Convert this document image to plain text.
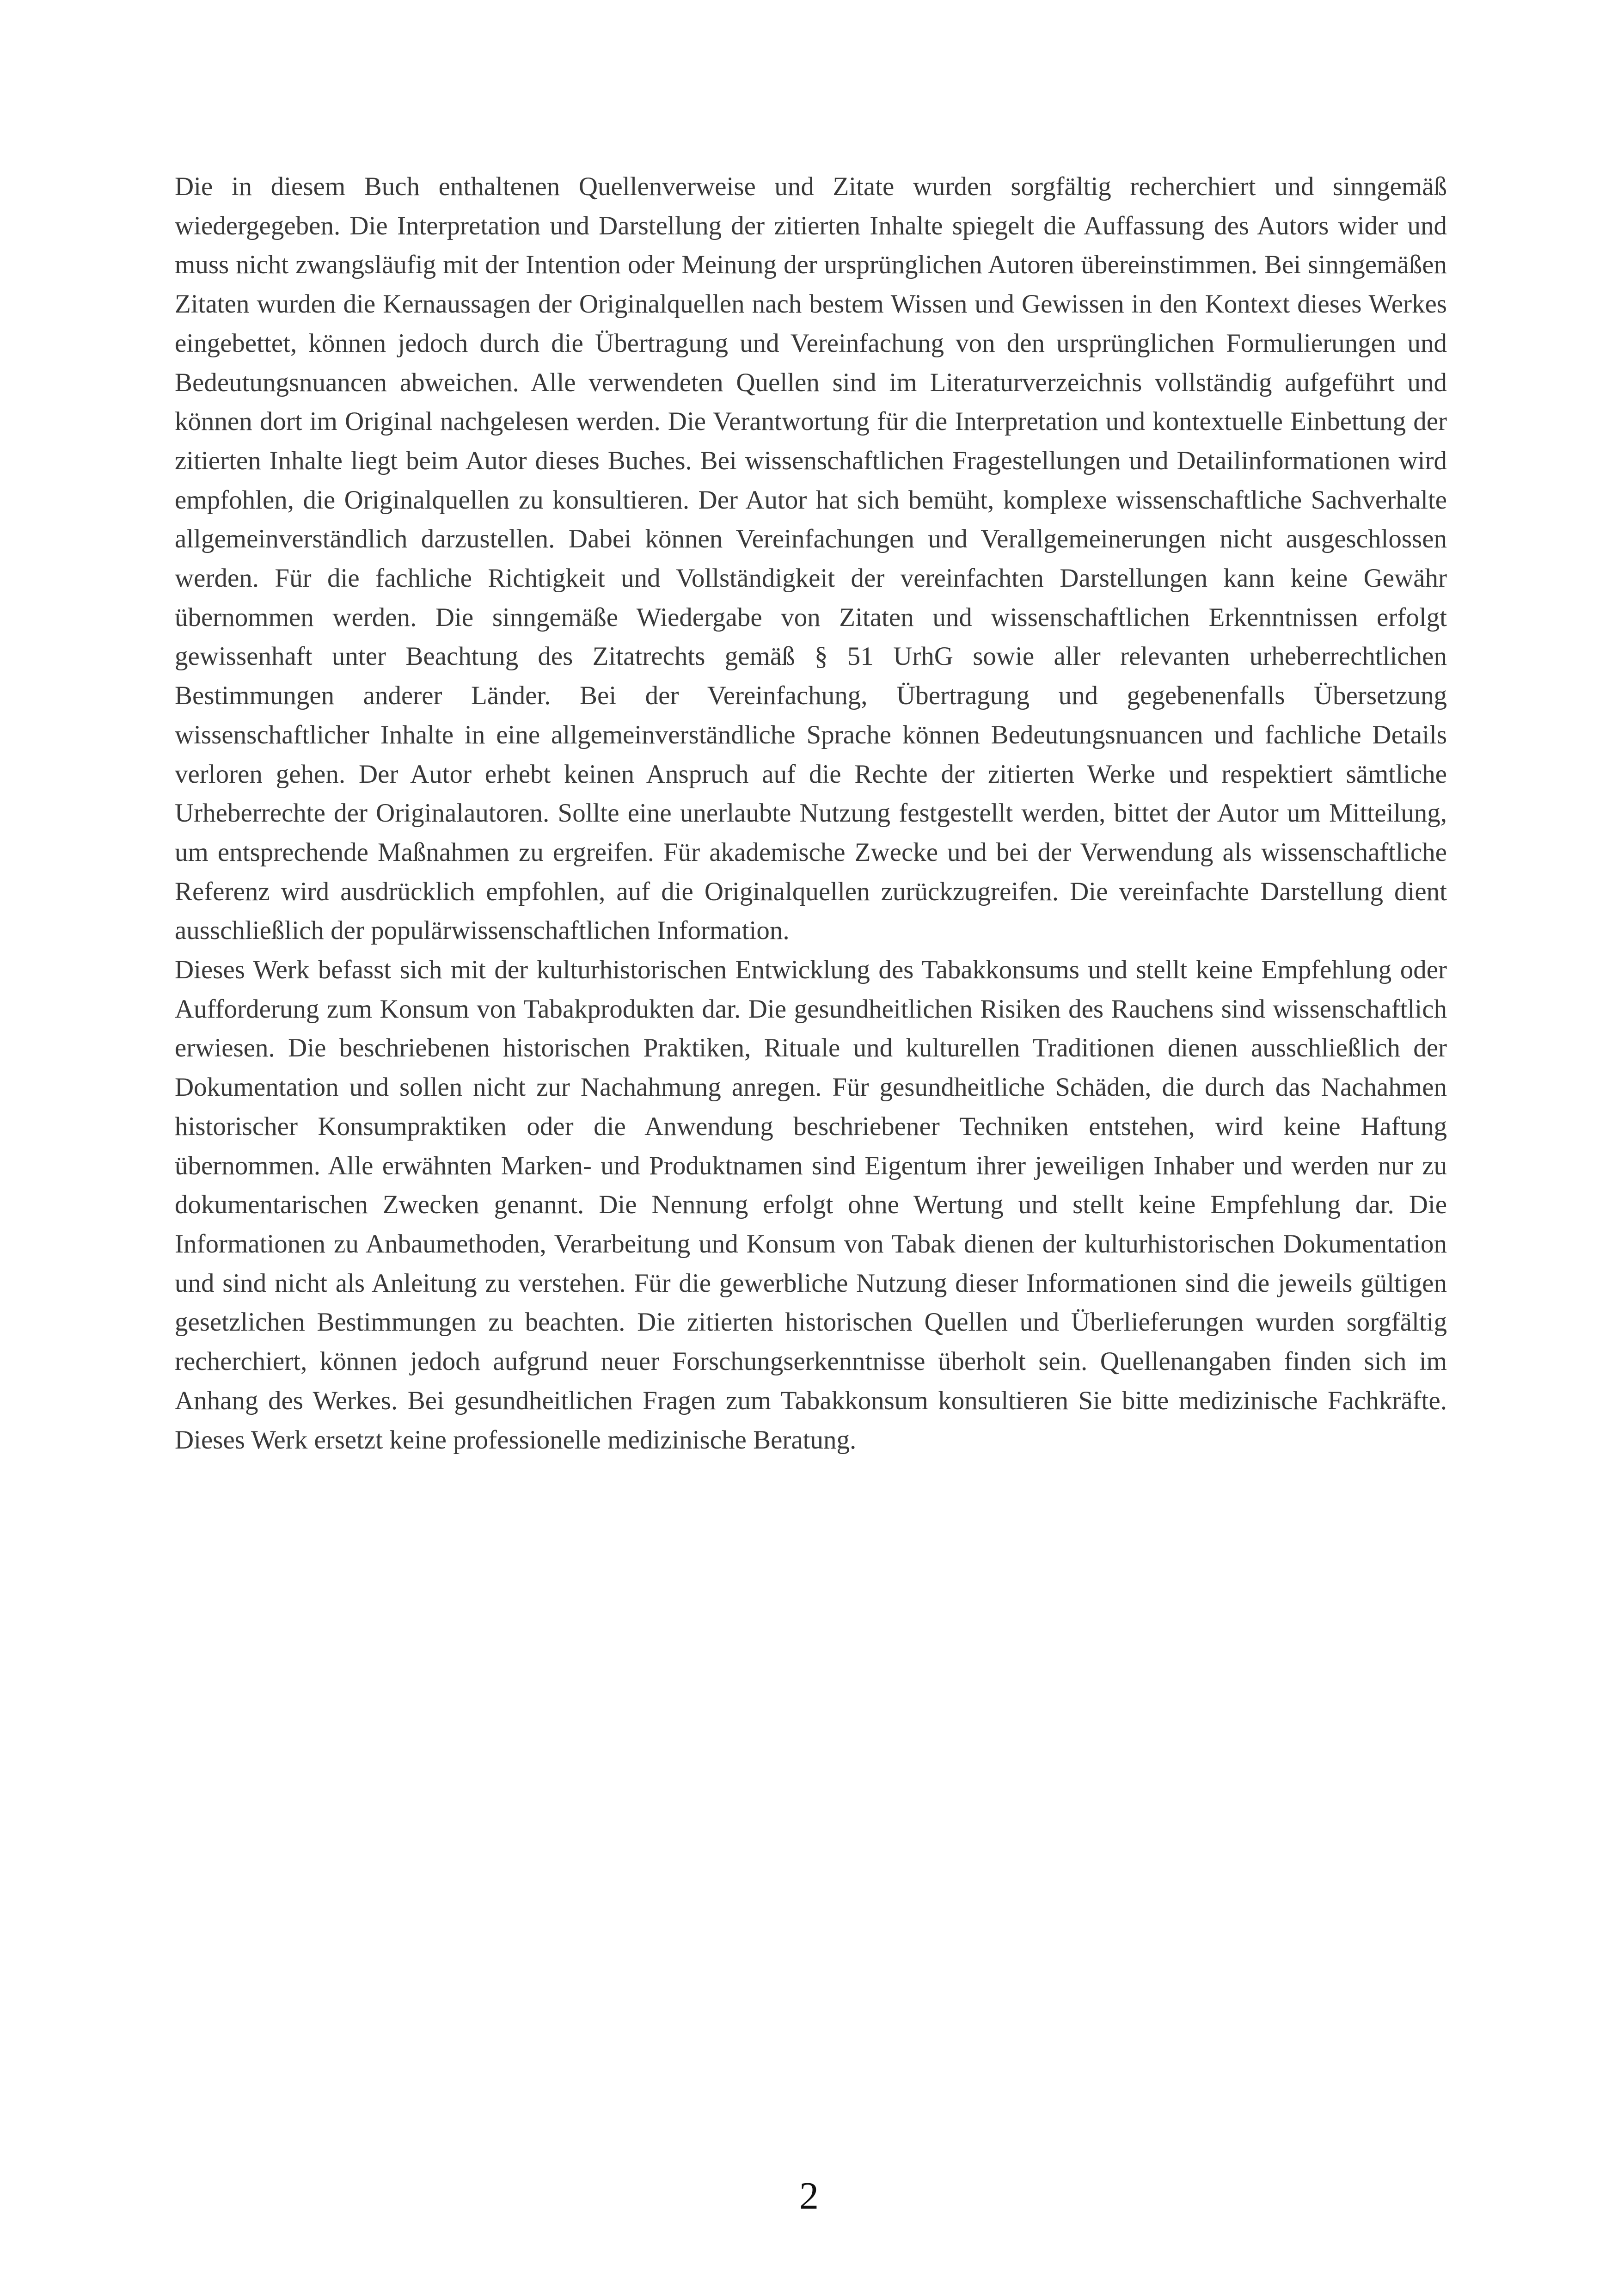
Die in diesem Buch enthaltenen Quellenverweise und Zitate wurden sorgfältig recherchiert und sinngemäß wiedergegeben. Die Interpretation und Darstellung der zitierten Inhalte spiegelt die Auffassung des Autors wider und muss nicht zwangsläufig mit der Intention oder Meinung der ursprünglichen Autoren übereinstimmen. Bei sinngemäßen Zitaten wurden die Kernaussagen der Originalquellen nach bestem Wissen und Gewissen in den Kontext dieses Werkes eingebettet, können jedoch durch die Übertragung und Vereinfachung von den ursprünglichen Formulierungen und Bedeutungsnuancen abweichen. Alle verwendeten Quellen sind im Literaturverzeichnis vollständig aufgeführt und können dort im Original nachgelesen werden. Die Verantwortung für die Interpretation und kontextuelle Einbettung der zitierten Inhalte liegt beim Autor dieses Buches. Bei wissenschaftlichen Fragestellungen und Detailinformationen wird empfohlen, die Originalquellen zu konsultieren. Der Autor hat sich bemüht, komplexe wissenschaftliche Sachverhalte allgemeinverständlich darzustellen. Dabei können Vereinfachungen und Verallgemeinerungen nicht ausgeschlossen werden. Für die fachliche Richtigkeit und Vollständigkeit der vereinfachten Darstellungen kann keine Gewähr übernommen werden. Die sinngemäße Wiedergabe von Zitaten und wissenschaftlichen Erkenntnissen erfolgt gewissenhaft unter Beachtung des Zitatrechts gemäß § 51 UrhG sowie aller relevanten urheberrechtlichen Bestimmungen anderer Länder. Bei der Vereinfachung, Übertragung und gegebenenfalls Übersetzung wissenschaftlicher Inhalte in eine allgemeinverständliche Sprache können Bedeutungsnuancen und fachliche Details verloren gehen. Der Autor erhebt keinen Anspruch auf die Rechte der zitierten Werke und respektiert sämtliche Urheberrechte der Originalautoren. Sollte eine unerlaubte Nutzung festgestellt werden, bittet der Autor um Mitteilung, um entsprechende Maßnahmen zu ergreifen. Für akademische Zwecke und bei der Verwendung als wissenschaftliche Referenz wird ausdrücklich empfohlen, auf die Originalquellen zurückzugreifen. Die vereinfachte Darstellung dient ausschließlich der populärwissenschaftlichen Information.

Dieses Werk befasst sich mit der kulturhistorischen Entwicklung des Tabakkonsums und stellt keine Empfehlung oder Aufforderung zum Konsum von Tabakprodukten dar. Die gesundheitlichen Risiken des Rauchens sind wissenschaftlich erwiesen. Die beschriebenen historischen Praktiken, Rituale und kulturellen Traditionen dienen ausschließlich der Dokumentation und sollen nicht zur Nachahmung anregen. Für gesundheitliche Schäden, die durch das Nachahmen historischer Konsumpraktiken oder die Anwendung beschriebener Techniken entstehen, wird keine Haftung übernommen. Alle erwähnten Marken- und Produktnamen sind Eigentum ihrer jeweiligen Inhaber und werden nur zu dokumentarischen Zwecken genannt. Die Nennung erfolgt ohne Wertung und stellt keine Empfehlung dar. Die Informationen zu Anbaumethoden, Verarbeitung und Konsum von Tabak dienen der kulturhistorischen Dokumentation und sind nicht als Anleitung zu verstehen. Für die gewerbliche Nutzung dieser Informationen sind die jeweils gültigen gesetzlichen Bestimmungen zu beachten. Die zitierten historischen Quellen und Überlieferungen wurden sorgfältig recherchiert, können jedoch aufgrund neuer Forschungserkenntnisse überholt sein. Quellenangaben finden sich im Anhang des Werkes. Bei gesundheitlichen Fragen zum Tabakkonsum konsultieren Sie bitte medizinische Fachkräfte. Dieses Werk ersetzt keine professionelle medizinische Beratung.

2
